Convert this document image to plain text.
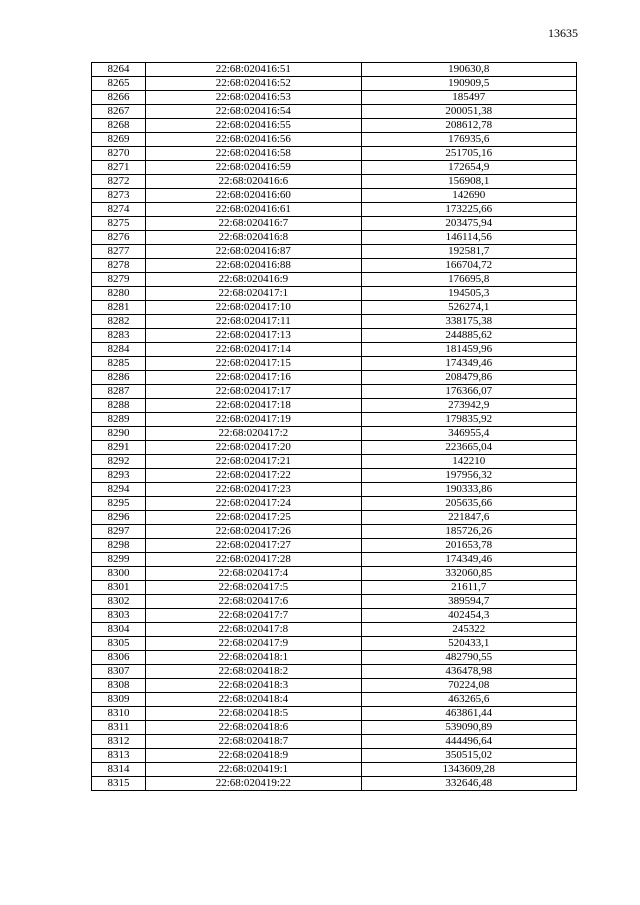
13635
8264	22:68:020416:51	190630,8
8265	22:68:020416:52	190909,5
8266	22:68:020416:53	185497
8267	22:68:020416:54	200051,38
8268	22:68:020416:55	208612,78
8269	22:68:020416:56	176935,6
8270	22:68:020416:58	251705,16
8271	22:68:020416:59	172654,9
8272	22:68:020416:6	156908,1
8273	22:68:020416:60	142690
8274	22:68:020416:61	173225,66
8275	22:68:020416:7	203475,94
8276	22:68:020416:8	146114,56
8277	22:68:020416:87	192581,7
8278	22:68:020416:88	166704,72
8279	22:68:020416:9	176695,8
8280	22:68:020417:1	194505,3
8281	22:68:020417:10	526274,1
8282	22:68:020417:11	338175,38
8283	22:68:020417:13	244885,62
8284	22:68:020417:14	181459,96
8285	22:68:020417:15	174349,46
8286	22:68:020417:16	208479,86
8287	22:68:020417:17	176366,07
8288	22:68:020417:18	273942,9
8289	22:68:020417:19	179835,92
8290	22:68:020417:2	346955,4
8291	22:68:020417:20	223665,04
8292	22:68:020417:21	142210
8293	22:68:020417:22	197956,32
8294	22:68:020417:23	190333,86
8295	22:68:020417:24	205635,66
8296	22:68:020417:25	221847,6
8297	22:68:020417:26	185726,26
8298	22:68:020417:27	201653,78
8299	22:68:020417:28	174349,46
8300	22:68:020417:4	332060,85
8301	22:68:020417:5	21611,7
8302	22:68:020417:6	389594,7
8303	22:68:020417:7	402454,3
8304	22:68:020417:8	245322
8305	22:68:020417:9	520433,1
8306	22:68:020418:1	482790,55
8307	22:68:020418:2	436478,98
8308	22:68:020418:3	70224,08
8309	22:68:020418:4	463265,6
8310	22:68:020418:5	463861,44
8311	22:68:020418:6	539090,89
8312	22:68:020418:7	444496,64
8313	22:68:020418:9	350515,02
8314	22:68:020419:1	1343609,28
8315	22:68:020419:22	332646,48
